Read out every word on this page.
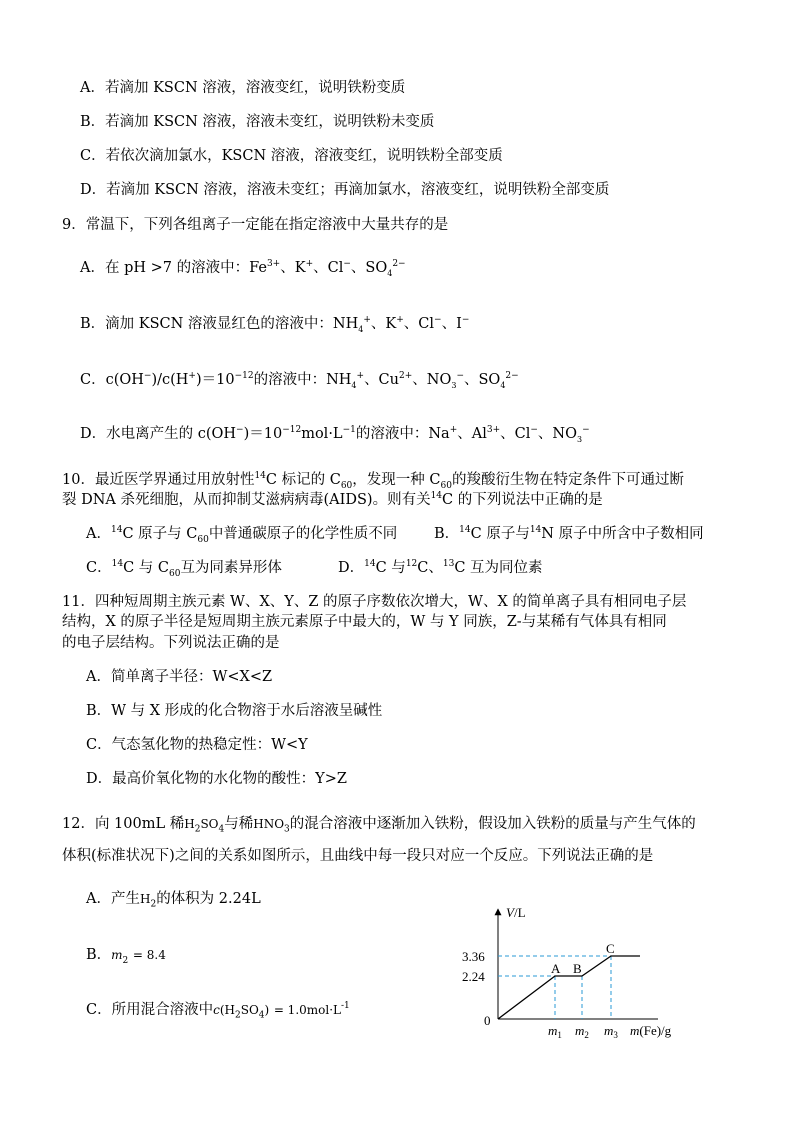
A．若滴加 KSCN 溶液，溶液变红，说明铁粉变质
B．若滴加 KSCN 溶液，溶液未变红，说明铁粉未变质
C．若依次滴加氯水，KSCN 溶液，溶液变红，说明铁粉全部变质
D．若滴加 KSCN 溶液，溶液未变红；再滴加氯水，溶液变红，说明铁粉全部变质
9．常温下，下列各组离子一定能在指定溶液中大量共存的是
A．在 pH >7 的溶液中：$Fe^{3+}$、K+、Cl−、$SO_4^{2-}$
B．滴加 KSCN 溶液显红色的溶液中：$NH_4^+$、K+、Cl−、I−
C．$c(OH^-)/c(H^+)=10^{-12}$的溶液中：$NH_4^+$、$Cu^{2+}$、$NO_3^-$、$SO_4^{2-}$
D．水电离产生的 $c(OH^-)=10^{-12}mol\cdot L^{-1}$的溶液中：Na+、$Al^{3+}$、Cl−、$NO_3^-$
10．最近医学界通过用放射性$^{14}$C 标记的 $C_{60}$，发现一种 $C_{60}$的羧酸衍生物在特定条件下可通过断
裂 DNA 杀死细胞，从而抑制艾滋病病毒(AIDS)。则有关$^{14}$C 的下列说法中正确的是
A．$^{14}$C 原子与 $C_{60}$中普通碳原子的化学性质不同	B．$^{14}$C 原子与$^{14}$N 原子中所含中子数相同
C．$^{14}$C 与 $C_{60}$互为同素异形体	D．$^{14}$C 与$^{12}$C、$^{13}$C 互为同位素
11．四种短周期主族元素 W、X、Y、Z 的原子序数依次增大，W、X 的简单离子具有相同电子层
结构，X 的原子半径是短周期主族元素原子中最大的，W 与 Y 同族，Z-与某稀有气体具有相同
的电子层结构。下列说法正确的是
A．简单离子半径：W<X<Z
B．W 与 X 形成的化合物溶于水后溶液呈碱性
C．气态氢化物的热稳定性：W<Y
D．最高价氧化物的水化物的酸性：Y>Z
12．向 100mL 稀$H_2SO_4$与稀$HNO_3$的混合溶液中逐渐加入铁粉，假设加入铁粉的质量与产生气体的
体积(标准状况下)之间的关系如图所示，且曲线中每一段只对应一个反应。下列说法正确的是
A．产生$H_2$的体积为 2.24L
B．$m_2 = 8.4$
C．所用混合溶液中$c(H_2SO_4) = 1.0mol\cdot L^{-1}$
V/L
3.36
2.24
0
A B
C
$m_1$ $m_2$ $m_3$ m(Fe)/g
